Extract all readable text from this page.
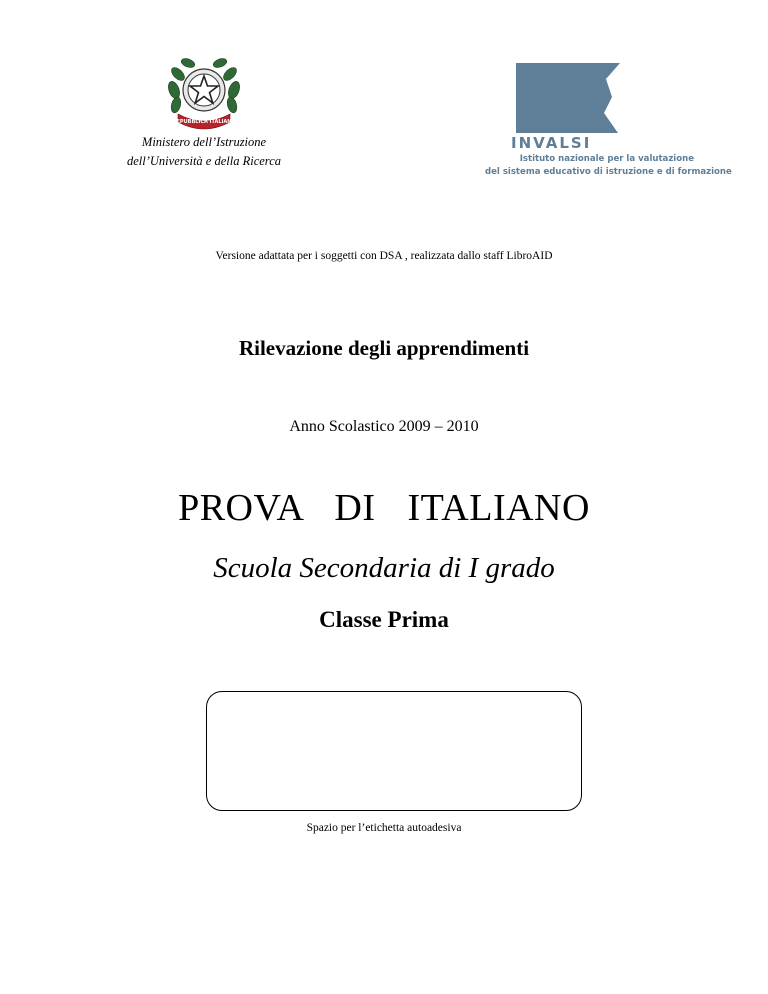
REPUBBLICA ITALIANA
Ministero dell’Istruzione
dell’Università e della Ricerca
INVALSI
Istituto nazionale per la valutazione
del sistema educativo di istruzione e di formazione
Versione adattata per i soggetti con DSA , realizzata dallo staff LibroAID
Rilevazione degli apprendimenti
Anno Scolastico 2009 – 2010
PROVA  DI  ITALIANO
Scuola Secondaria di I grado
Classe Prima
Spazio per l’etichetta autoadesiva
